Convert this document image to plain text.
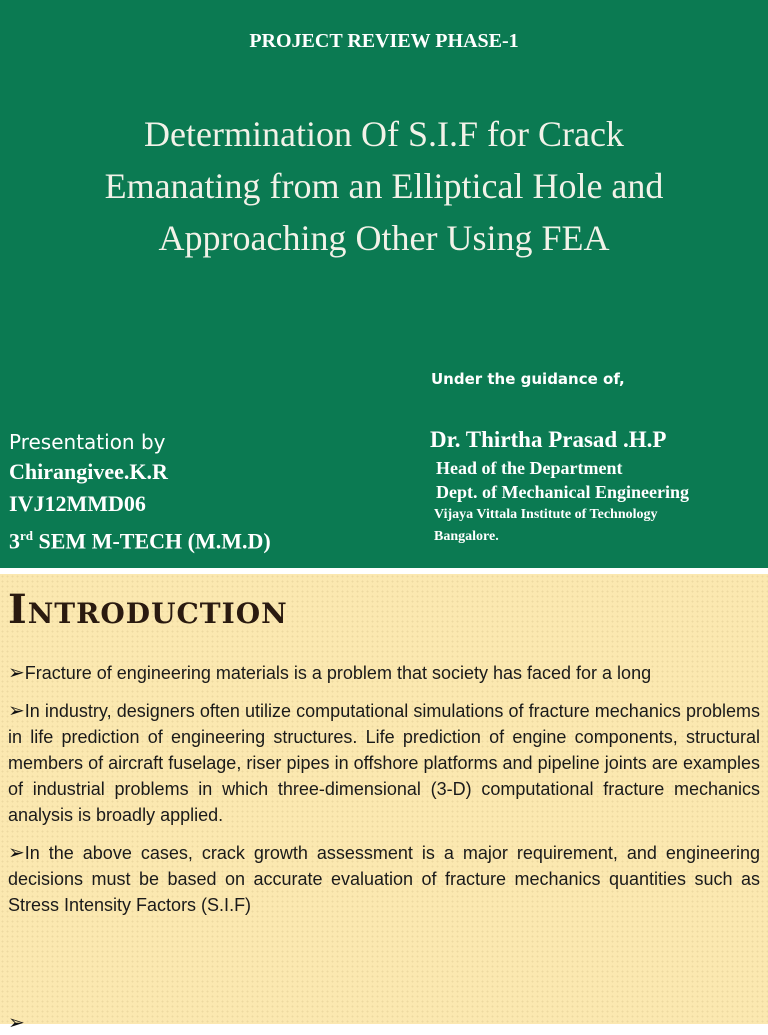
PROJECT REVIEW PHASE-1
Determination Of S.I.F for Crack
Emanating from an Elliptical Hole and
Approaching Other Using FEA
Under the guidance of,
Presentation by
Chirangivee.K.R
IVJ12MMD06
3rd SEM M-TECH (M.M.D)
Dr. Thirtha Prasad .H.P
Head of the Department
Dept. of Mechanical Engineering
Vijaya Vittala Institute of Technology
Bangalore.
Introduction
➢Fracture of engineering materials is a problem that society has faced for a long
➢In industry, designers often utilize computational simulations of fracture mechanics problems in life prediction of engineering structures. Life prediction of engine components, structural members of aircraft fuselage, riser pipes in offshore platforms and pipeline joints are examples of industrial problems in which three-dimensional (3-D) computational fracture mechanics analysis is broadly applied.
➢In the above cases, crack growth assessment is a major requirement, and engineering decisions must be based on accurate evaluation of fracture mechanics quantities such as Stress Intensity Factors (S.I.F)
➢
